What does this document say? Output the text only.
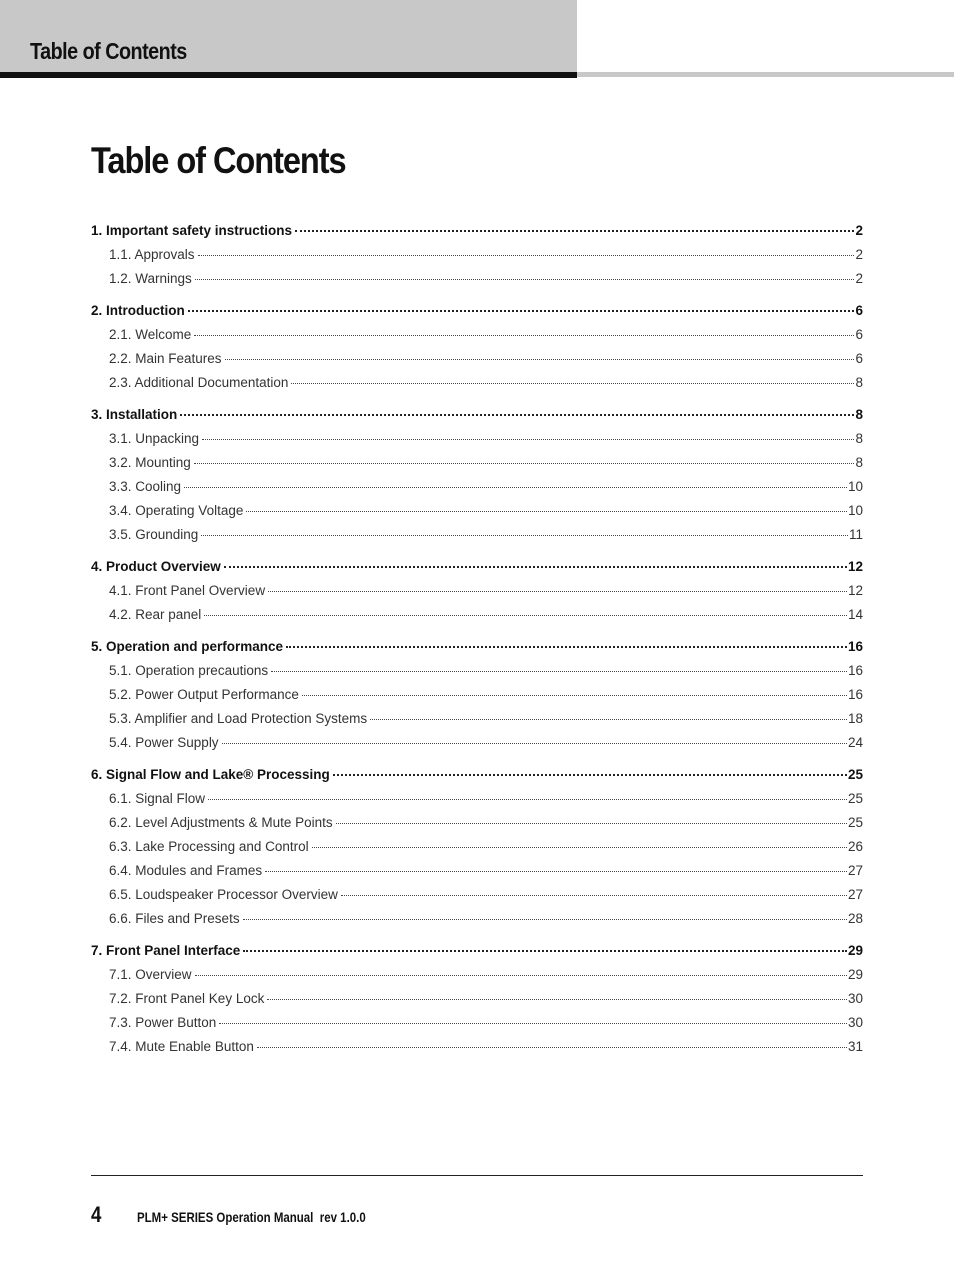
Table of Contents
Table of Contents
1. Important safety instructions	2
1.1. Approvals	2
1.2. Warnings	2
2. Introduction	6
2.1. Welcome	6
2.2. Main Features	6
2.3. Additional Documentation	8
3. Installation	8
3.1. Unpacking	8
3.2. Mounting	8
3.3. Cooling	10
3.4. Operating Voltage	10
3.5. Grounding	11
4. Product Overview	12
4.1. Front Panel Overview	12
4.2. Rear panel	14
5. Operation and performance	16
5.1. Operation precautions	16
5.2. Power Output Performance	16
5.3. Amplifier and Load Protection Systems	18
5.4. Power Supply	24
6. Signal Flow and Lake® Processing	25
6.1. Signal Flow	25
6.2. Level Adjustments & Mute Points	25
6.3. Lake Processing and Control	26
6.4. Modules and Frames	27
6.5. Loudspeaker Processor Overview	27
6.6. Files and Presets	28
7. Front Panel Interface	29
7.1. Overview	29
7.2. Front Panel Key Lock	30
7.3. Power Button	30
7.4. Mute Enable Button	31
4	PLM+ SERIES Operation Manual  rev 1.0.0
